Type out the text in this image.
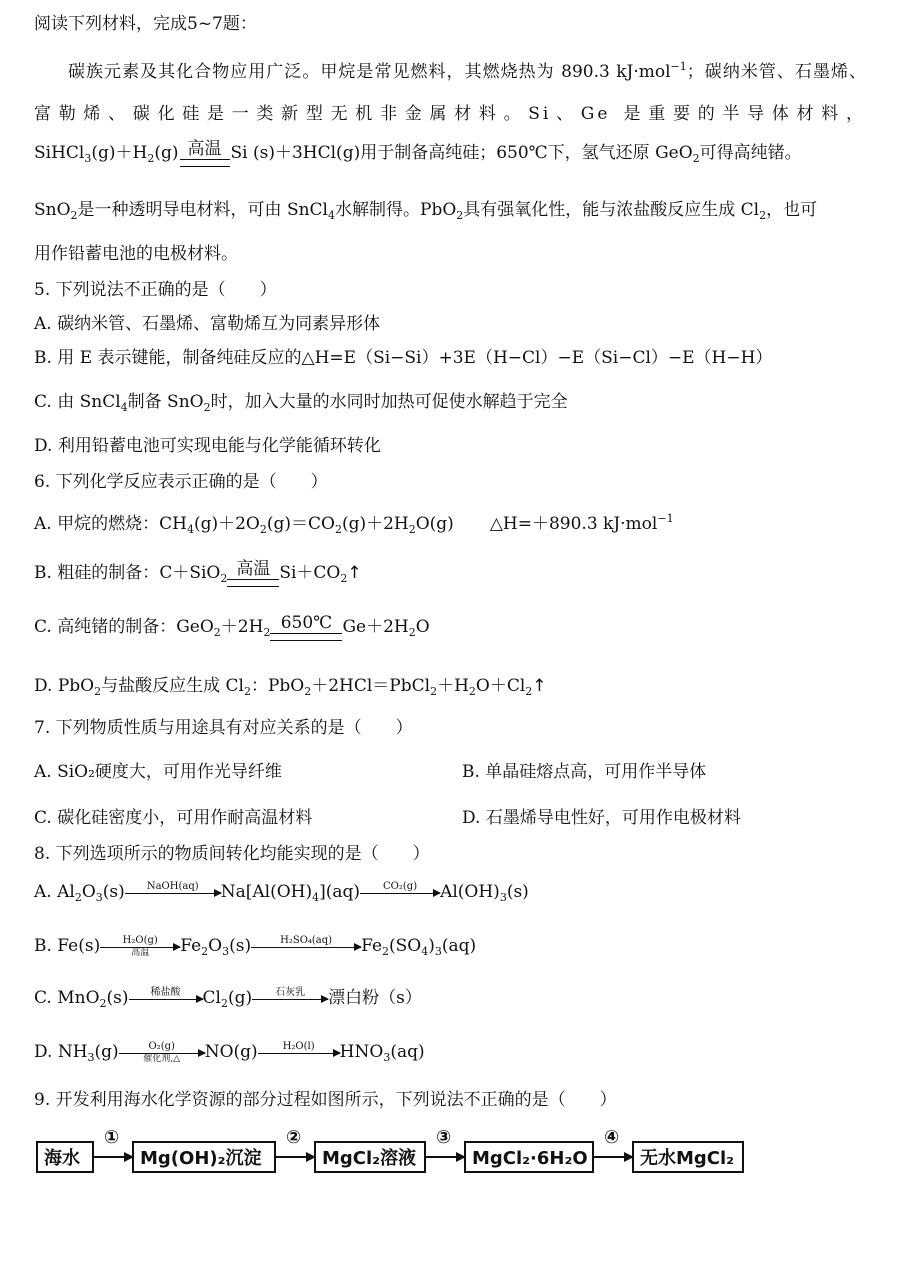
阅读下列材料，完成5~7题：
碳族元素及其化合物应用广泛。甲烷是常见燃料，其燃烧热为 890.3 kJ·mol$^{-1}$；碳纳米管、石墨烯、
富勒烯、碳化硅是一类新型无机非金属材料。Si、Ge 是重要的半导体材料，
$SiHCl_3(g)+H_2(g)$ 高温 Si (s)＋3HCl(g)用于制备高纯硅；650℃下，氢气还原 GeO$_2$可得高纯锗。
SnO$_2$是一种透明导电材料，可由 SnCl$_4$水解制得。PbO$_2$具有强氧化性，能与浓盐酸反应生成 $Cl_2$，也可
用作铅蓄电池的电极材料。
5. 下列说法不正确的是（　　）
A. 碳纳米管、石墨烯、富勒烯互为同素异形体
B. 用 E 表示键能，制备纯硅反应的△H=E（Si−Si）+3E（H−Cl）−E（Si−Cl）−E（H−H）
C. 由 SnCl$_4$制备 SnO$_2$时，加入大量的水同时加热可促使水解趋于完全
D. 利用铅蓄电池可实现电能与化学能循环转化
6. 下列化学反应表示正确的是（　　）
A. 甲烷的燃烧：$CH_4(g)+2O_2(g)=CO_2(g)+2H_2O(g)$ △H=＋890.3 kJ·mol$^{-1}$
B. 粗硅的制备：C＋SiO$_2$ 高温 $Si+CO_2↑$
C. 高纯锗的制备：$GeO_2+2H_2$ 650℃ $Ge+2H_2O$
D. PbO$_2$与盐酸反应生成 $Cl_2$：$PbO_2+2HCl=PbCl_2+H_2O+Cl_2↑$
7. 下列物质性质与用途具有对应关系的是（　　）
A. SiO₂硬度大，可用作光导纤维	B. 单晶硅熔点高，可用作半导体
C. 碳化硅密度小，可用作耐高温材料	D. 石墨烯导电性好，可用作电极材料
8. 下列选项所示的物质间转化均能实现的是（　　）
A. $Al_2O_3(s)$	NaOH(aq)	$Na[Al(OH)_4](aq)$	CO₂(g)	$Al(OH)_3(s)$
B. Fe(s)	H₂O(g)
高温	$Fe_2O_3(s)$	H₂SO₄(aq)	$Fe_2(SO_4)_3(aq)$
C. MnO$_2$(s)	稀盐酸	$Cl_2(g)$	石灰乳	漂白粉（s）
D. $NH_3(g)$	O₂(g)
催化剂,△	NO(g)	H₂O(l)	$HNO_3(aq)$
9. 开发利用海水化学资源的部分过程如图所示，下列说法不正确的是（　　）
海水
①
Mg(OH)₂沉淀
②
MgCl₂溶液
③
MgCl₂·6H₂O
④
无水MgCl₂
